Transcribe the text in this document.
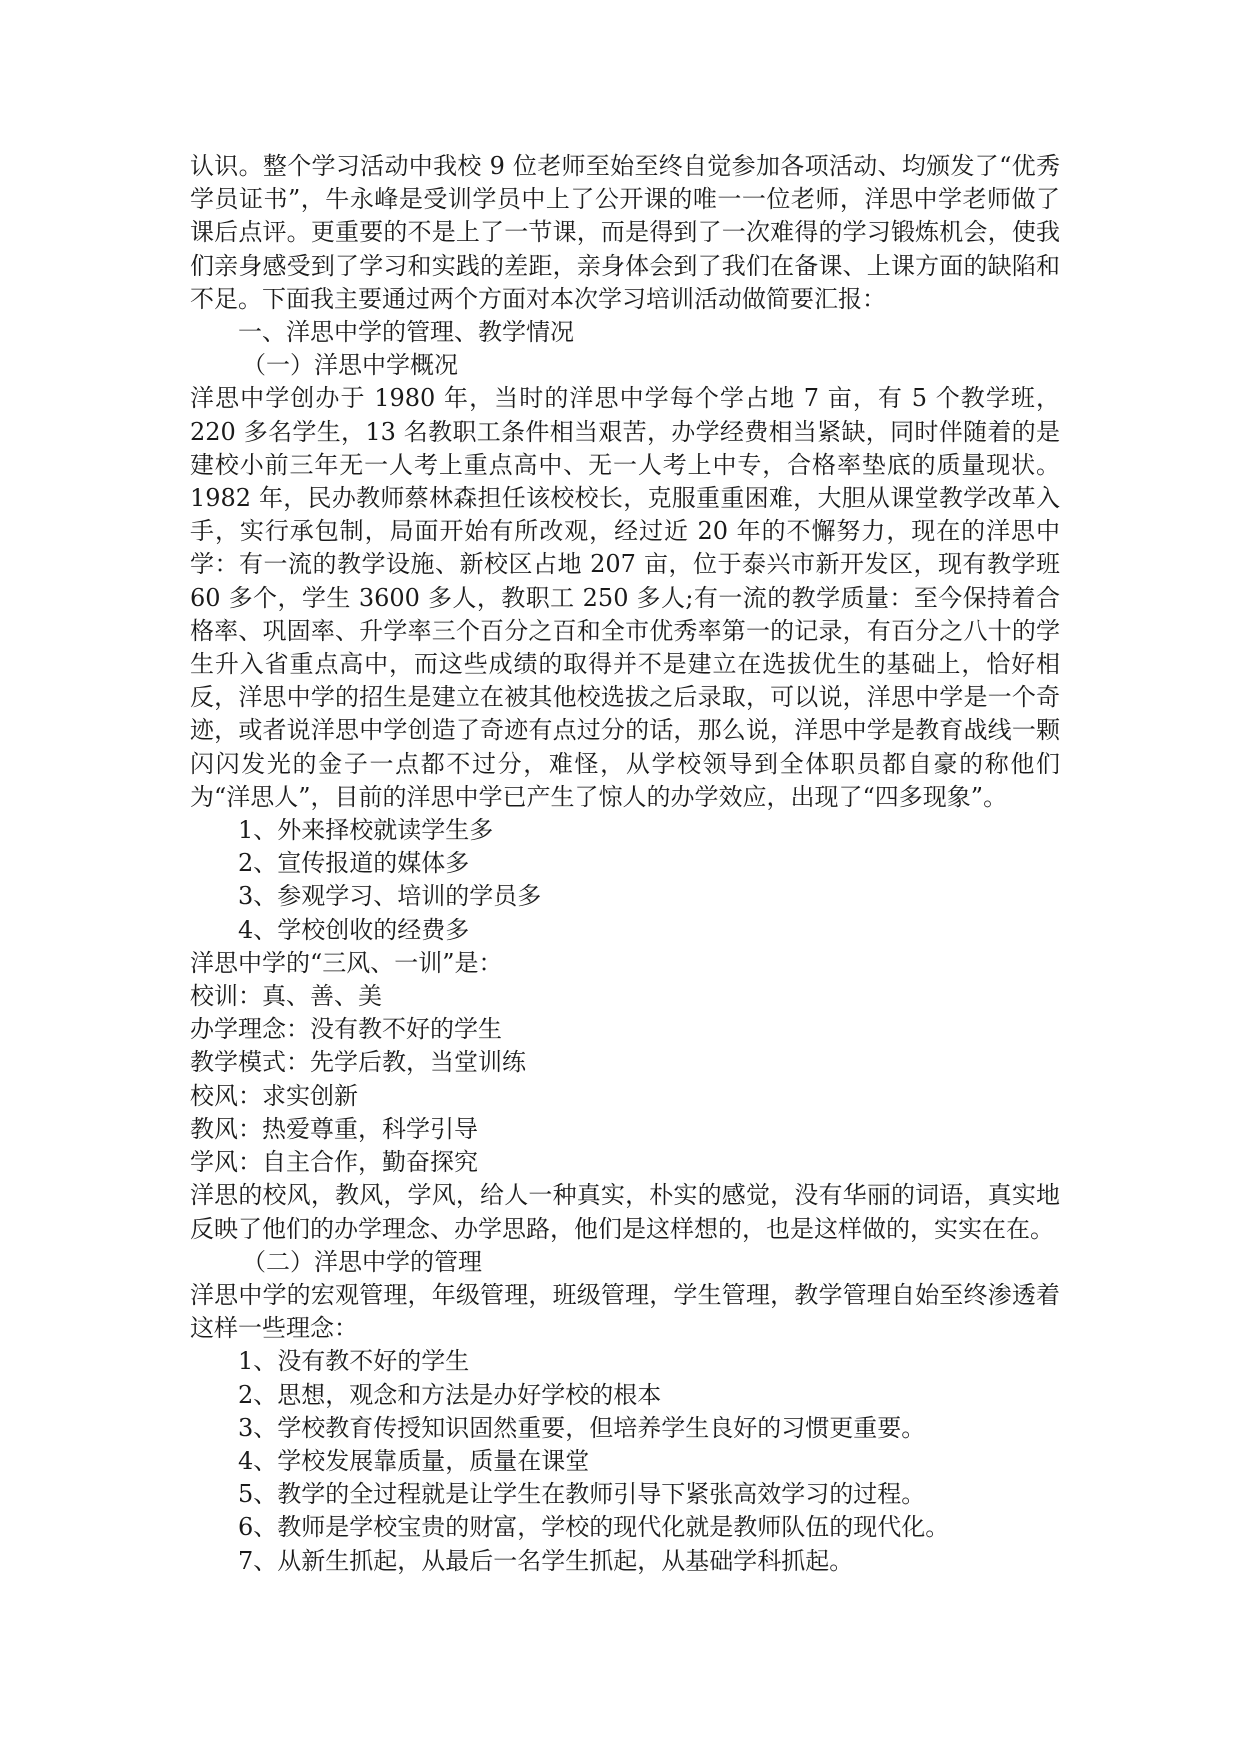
认识。整个学习活动中我校 9 位老师至始至终自觉参加各项活动、均颁发了“优秀学员证书”，牛永峰是受训学员中上了公开课的唯一一位老师，洋思中学老师做了课后点评。更重要的不是上了一节课，而是得到了一次难得的学习锻炼机会，使我们亲身感受到了学习和实践的差距，亲身体会到了我们在备课、上课方面的缺陷和不足。下面我主要通过两个方面对本次学习培训活动做简要汇报：

一、洋思中学的管理、教学情况

（一）洋思中学概况

洋思中学创办于 1980 年，当时的洋思中学每个学占地 7 亩，有 5 个教学班，220 多名学生，13 名教职工条件相当艰苦，办学经费相当紧缺，同时伴随着的是建校小前三年无一人考上重点高中、无一人考上中专，合格率垫底的质量现状。1982 年，民办教师蔡林森担任该校校长，克服重重困难，大胆从课堂教学改革入手，实行承包制，局面开始有所改观，经过近 20 年的不懈努力，现在的洋思中学：有一流的教学设施、新校区占地 207 亩，位于泰兴市新开发区，现有教学班 60 多个，学生 3600 多人，教职工 250 多人;有一流的教学质量：至今保持着合格率、巩固率、升学率三个百分之百和全市优秀率第一的记录，有百分之八十的学生升入省重点高中，而这些成绩的取得并不是建立在选拔优生的基础上，恰好相反，洋思中学的招生是建立在被其他校选拔之后录取，可以说，洋思中学是一个奇迹，或者说洋思中学创造了奇迹有点过分的话，那么说，洋思中学是教育战线一颗闪闪发光的金子一点都不过分，难怪，从学校领导到全体职员都自豪的称他们为“洋思人”，目前的洋思中学已产生了惊人的办学效应，出现了“四多现象”。

1、外来择校就读学生多

2、宣传报道的媒体多

3、参观学习、培训的学员多

4、学校创收的经费多

洋思中学的“三风、一训”是：

校训：真、善、美

办学理念：没有教不好的学生

教学模式：先学后教，当堂训练

校风：求实创新

教风：热爱尊重，科学引导

学风：自主合作，勤奋探究

洋思的校风，教风，学风，给人一种真实，朴实的感觉，没有华丽的词语，真实地反映了他们的办学理念、办学思路，他们是这样想的，也是这样做的，实实在在。

（二）洋思中学的管理

洋思中学的宏观管理，年级管理，班级管理，学生管理，教学管理自始至终渗透着这样一些理念：

1、没有教不好的学生

2、思想，观念和方法是办好学校的根本

3、学校教育传授知识固然重要，但培养学生良好的习惯更重要。

4、学校发展靠质量，质量在课堂

5、教学的全过程就是让学生在教师引导下紧张高效学习的过程。

6、教师是学校宝贵的财富，学校的现代化就是教师队伍的现代化。

7、从新生抓起，从最后一名学生抓起，从基础学科抓起。
